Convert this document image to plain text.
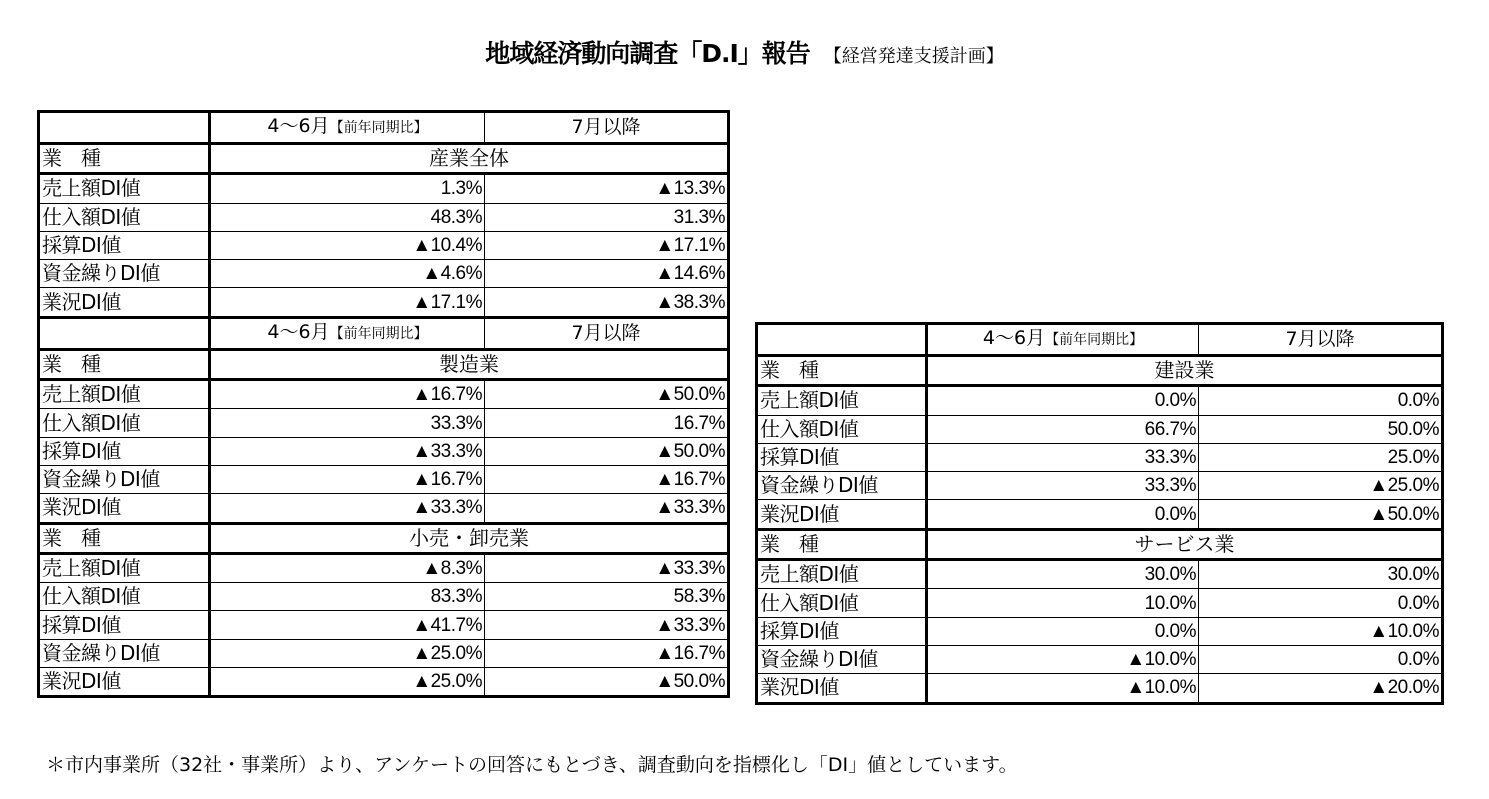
地域経済動向調査「D.I」報告 【経営発達支援計画】
	4～6月【前年同期比】	7月以降
業　種	産業全体	
売上額DI値	1.3%	▲13.3%
仕入額DI値	48.3%	31.3%
採算DI値	▲10.4%	▲17.1%
資金繰りDI値	▲4.6%	▲14.6%
業況DI値	▲17.1%	▲38.3%
	4～6月【前年同期比】	7月以降
業　種	製造業	
売上額DI値	▲16.7%	▲50.0%
仕入額DI値	33.3%	16.7%
採算DI値	▲33.3%	▲50.0%
資金繰りDI値	▲16.7%	▲16.7%
業況DI値	▲33.3%	▲33.3%
業　種	小売・卸売業	
売上額DI値	▲8.3%	▲33.3%
仕入額DI値	83.3%	58.3%
採算DI値	▲41.7%	▲33.3%
資金繰りDI値	▲25.0%	▲16.7%
業況DI値	▲25.0%	▲50.0%
	4～6月【前年同期比】	7月以降
業　種	建設業	
売上額DI値	0.0%	0.0%
仕入額DI値	66.7%	50.0%
採算DI値	33.3%	25.0%
資金繰りDI値	33.3%	▲25.0%
業況DI値	0.0%	▲50.0%
業　種	サービス業	
売上額DI値	30.0%	30.0%
仕入額DI値	10.0%	0.0%
採算DI値	0.0%	▲10.0%
資金繰りDI値	▲10.0%	0.0%
業況DI値	▲10.0%	▲20.0%
＊市内事業所（32社・事業所）より、アンケートの回答にもとづき、調査動向を指標化し「DI」値としています。
